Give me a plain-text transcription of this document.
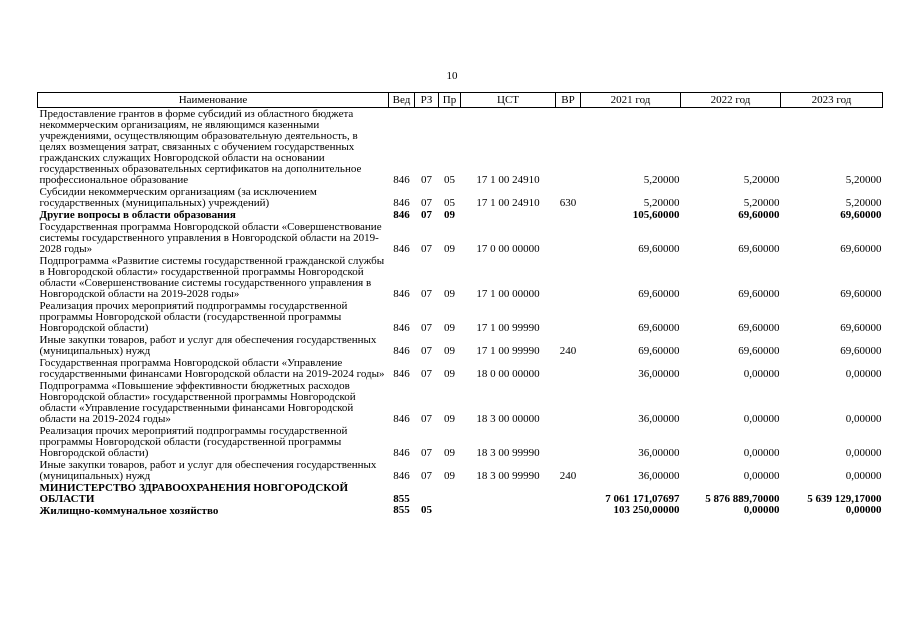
10
Наименование	Вед	РЗ	Пр	ЦСТ	ВР	2021 год	2022 год	2023 год
Предоставление грантов в форме субсидий из областного бюджета некоммерческим организациям, не являющимся казенными учреждениями, осуществляющим образовательную деятельность, в целях возмещения затрат, связанных с обучением государственных гражданских служащих Новгородской области на основании государственных образовательных сертификатов на дополнительное профессиональное образование	846	07	05	17 1 00 24910		5,20000	5,20000	5,20000
Субсидии некоммерческим организациям (за исключением государственных (муниципальных) учреждений)	846	07	05	17 1 00 24910	630	5,20000	5,20000	5,20000
Другие вопросы в области образования	846	07	09			105,60000	69,60000	69,60000
Государственная программа Новгородской области «Совершенствование системы государственного управления в Новгородской области на 2019-2028 годы»	846	07	09	17 0 00 00000		69,60000	69,60000	69,60000
Подпрограмма «Развитие системы государственной гражданской службы в Новгородской области» государственной программы Новгородской области «Совершенствование системы государственного управления в Новгородской области на 2019-2028 годы»	846	07	09	17 1 00 00000		69,60000	69,60000	69,60000
Реализация прочих мероприятий подпрограммы государственной программы Новгородской области (государственной программы Новгородской области)	846	07	09	17 1 00 99990		69,60000	69,60000	69,60000
Иные закупки товаров, работ и услуг для обеспечения государственных (муниципальных) нужд	846	07	09	17 1 00 99990	240	69,60000	69,60000	69,60000
Государственная программа Новгородской области «Управление государственными финансами Новгородской области на 2019-2024 годы»	846	07	09	18 0 00 00000		36,00000	0,00000	0,00000
Подпрограмма «Повышение эффективности бюджетных расходов Новгородской области» государственной программы Новгородской области «Управление государственными финансами Новгородской области на 2019-2024 годы»	846	07	09	18 3 00 00000		36,00000	0,00000	0,00000
Реализация прочих мероприятий подпрограммы государственной программы Новгородской области (государственной программы Новгородской области)	846	07	09	18 3 00 99990		36,00000	0,00000	0,00000
Иные закупки товаров, работ и услуг для обеспечения государственных (муниципальных) нужд	846	07	09	18 3 00 99990	240	36,00000	0,00000	0,00000
МИНИСТЕРСТВО ЗДРАВООХРАНЕНИЯ НОВГОРОДСКОЙ ОБЛАСТИ	855					7 061 171,07697	5 876 889,70000	5 639 129,17000
Жилищно-коммунальное хозяйство	855	05				103 250,00000	0,00000	0,00000
